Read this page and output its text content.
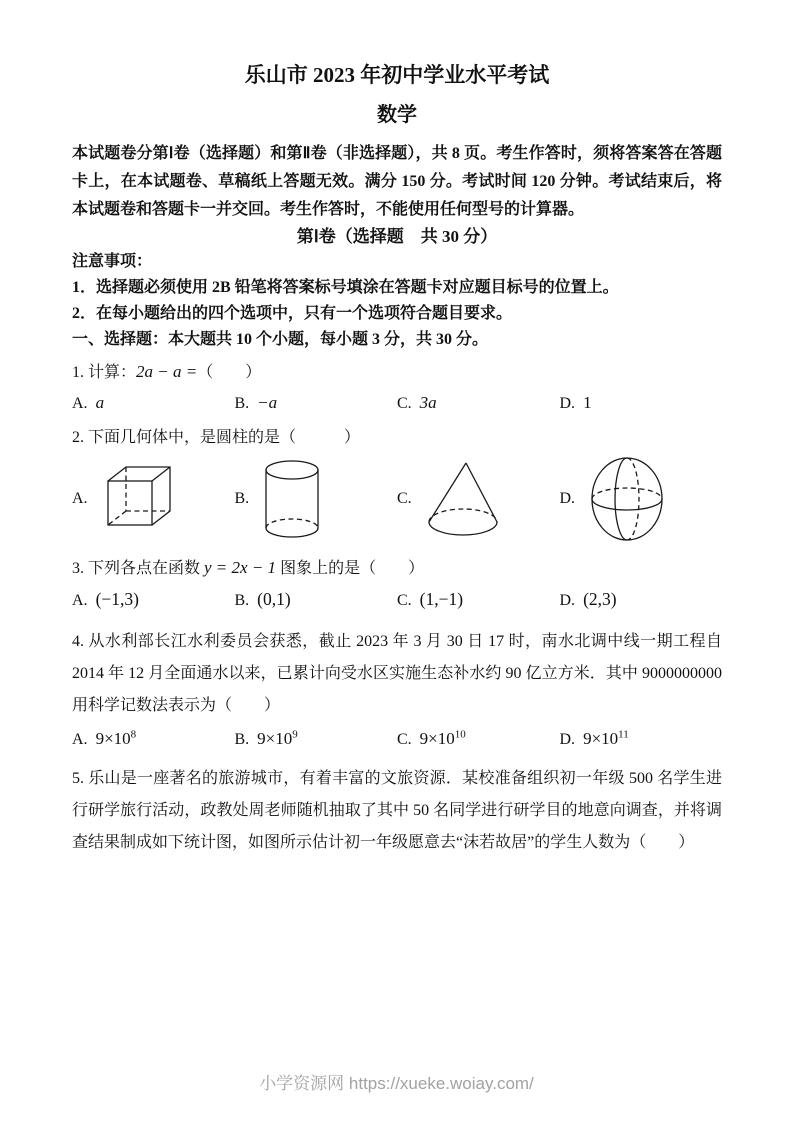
乐山市 2023 年初中学业水平考试
数学

本试题卷分第Ⅰ卷（选择题）和第Ⅱ卷（非选择题），共 8 页。考生作答时，须将答案答在答题卡上，在本试题卷、草稿纸上答题无效。满分 150 分。考试时间 120 分钟。考试结束后，将本试题卷和答题卡一并交回。考生作答时，不能使用任何型号的计算器。

第Ⅰ卷（选择题　共 30 分）
注意事项：
1．选择题必须使用 2B 铅笔将答案标号填涂在答题卡对应题目标号的位置上。
2．在每小题给出的四个选项中，只有一个选项符合题目要求。
一、选择题：本大题共 10 个小题，每小题 3 分，共 30 分。
1. 计算：2a − a =（　　）
A. a	B. −a	C. 3a	D. 1
2. 下面几何体中，是圆柱的是（　　　）
A.	B.	C.	D.
3. 下列各点在函数 y = 2x − 1 图象上的是（　　）
A. (−1,3)	B. (0,1)	C. (1,−1)	D. (2,3)
4. 从水利部长江水利委员会获悉，截止 2023 年 3 月 30 日 17 时，南水北调中线一期工程自 2014 年 12 月全面通水以来，已累计向受水区实施生态补水约 90 亿立方米．其中 9000000000 用科学记数法表示为（　　）
A. $9\times 10^8$	B. $9\times 10^9$	C. $9\times 10^{10}$	D. $9\times 10^{11}$
5. 乐山是一座著名的旅游城市，有着丰富的文旅资源．某校准备组织初一年级 500 名学生进行研学旅行活动，政教处周老师随机抽取了其中 50 名同学进行研学目的地意向调查，并将调查结果制成如下统计图，如图所示估计初一年级愿意去“沫若故居”的学生人数为（　　）
小学资源网 https://xueke.woiay.com/
